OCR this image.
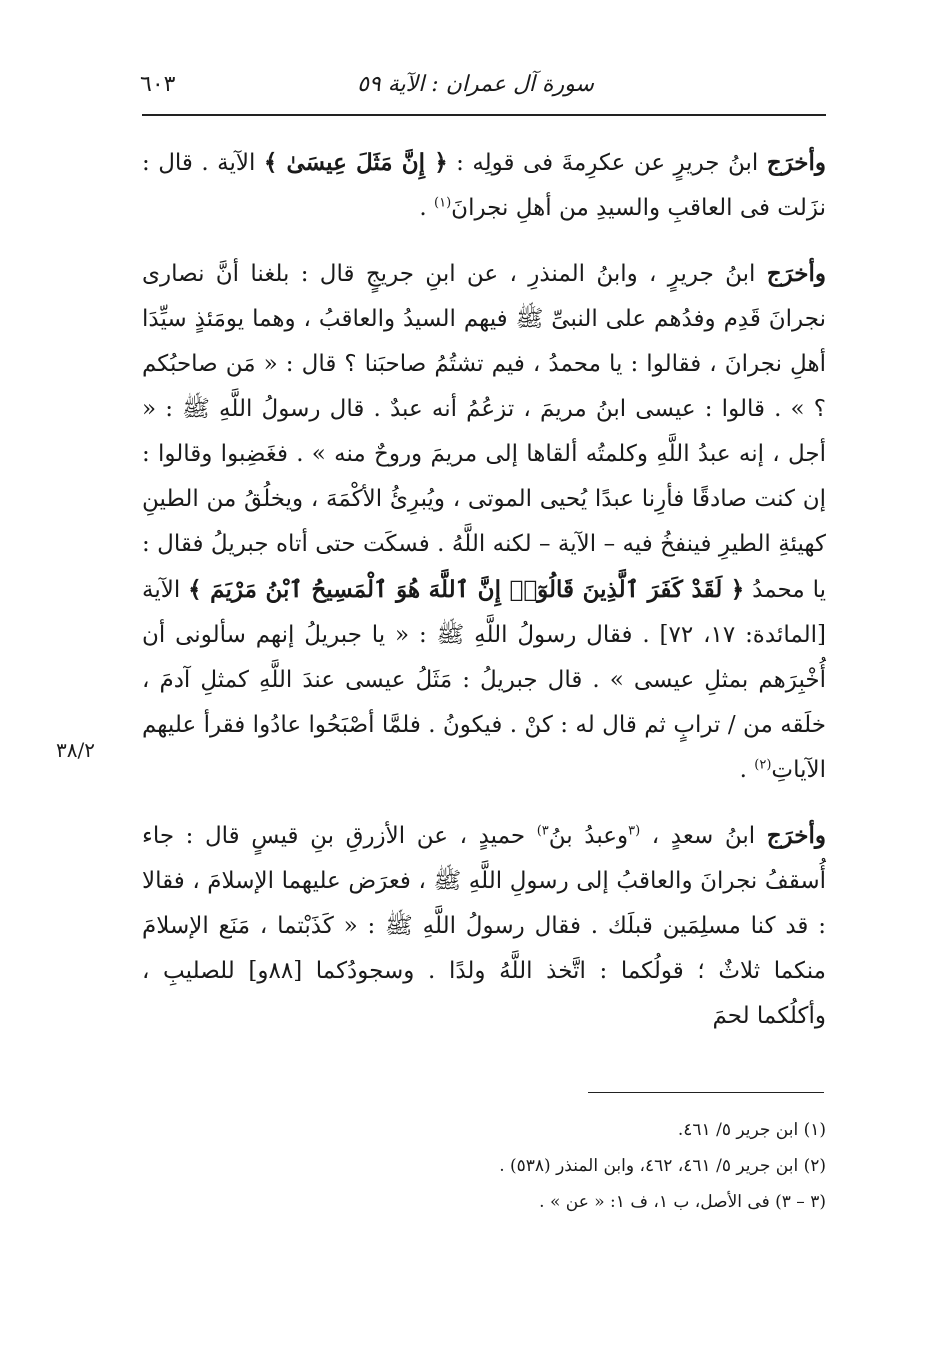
سورة آل عمران : الآية ٥٩
٦٠٣

وأخرَج ابنُ جريرٍ عن عكرِمةَ فى قولِه : ﴿ إِنَّ مَثَلَ عِيسَىٰ ﴾ الآية . قال : نزَلت فى العاقبِ والسيدِ من أهلِ نجرانَ$^{(١)}$ .

وأخرَج ابنُ جريرٍ ، وابنُ المنذرِ ، عن ابنِ جريجٍ قال : بلغنا أنَّ نصارى نجرانَ قَدِم وفدُهم على النبىِّ ﷺ فيهم السيدُ والعاقبُ ، وهما يومَئذٍ سيِّدَا أهلِ نجرانَ ، فقالوا : يا محمدُ ، فيم تشتُمُ صاحبَنا ؟ قال : « مَن صاحبُكم ؟ » . قالوا : عيسى ابنُ مريمَ ، تزعُمُ أنه عبدٌ . قال رسولُ اللَّهِ ﷺ : « أجل ، إنه عبدُ اللَّهِ وكلمتُه ألقاها إلى مريمَ وروحٌ منه » . فغَضِبوا وقالوا : إن كنت صادقًا فأرِنا عبدًا يُحيى الموتى ، ويُبرِئُ الأكْمَهَ ، ويخلُقُ من الطينِ كهيئةِ الطيرِ فينفخُ فيه – الآية – لكنه اللَّهُ . فسكَت حتى أتاه جبريلُ فقال : يا محمدُ ﴿ لَقَدْ كَفَرَ ٱلَّذِينَ قَالُوٓا۟ إِنَّ ٱللَّهَ هُوَ ٱلْمَسِيحُ ٱبْنُ مَرْيَمَ ﴾ الآية [المائدة: ١٧، ٧٢] . فقال رسولُ اللَّهِ ﷺ : « يا جبريلُ إنهم سألونى أن أُخْبِرَهم بمثلِ عيسى » . قال جبريلُ : مَثَلُ عيسى عندَ اللَّهِ كمثلِ آدمَ ، خلَقه من / ترابٍ ثم قال له : كنْ . فيكونُ . فلمَّا أصْبَحُوا عادُوا فقرأ عليهم الآياتِ$^{(٢)}$ .

وأخرَج ابنُ سعدٍ ، $^{(٣}$وعبدُ بنُ$^{٣)}$ حميدٍ ، عن الأزرقِ بنِ قيسٍ قال : جاء أُسقفُ نجرانَ والعاقبُ إلى رسولِ اللَّهِ ﷺ ، فعرَض عليهما الإسلامَ ، فقالا : قد كنا مسلِمَين قبلَك . فقال رسولُ اللَّهِ ﷺ : « كَذَبْتما ، مَنَع الإسلامَ منكما ثلاثٌ ؛ قولُكما : اتَّخذ اللَّهُ ولدًا . وسجودُكما [٨٨و] للصليبِ ، وأكلُكما لحمَ

٣٨/٢
(١) ابن جرير ٥/ ٤٦١.
(٢) ابن جرير ٥/ ٤٦١، ٤٦٢، وابن المنذر (٥٣٨) .
(٣ – ٣) فى الأصل، ب ١، ف ١: « عن » .
